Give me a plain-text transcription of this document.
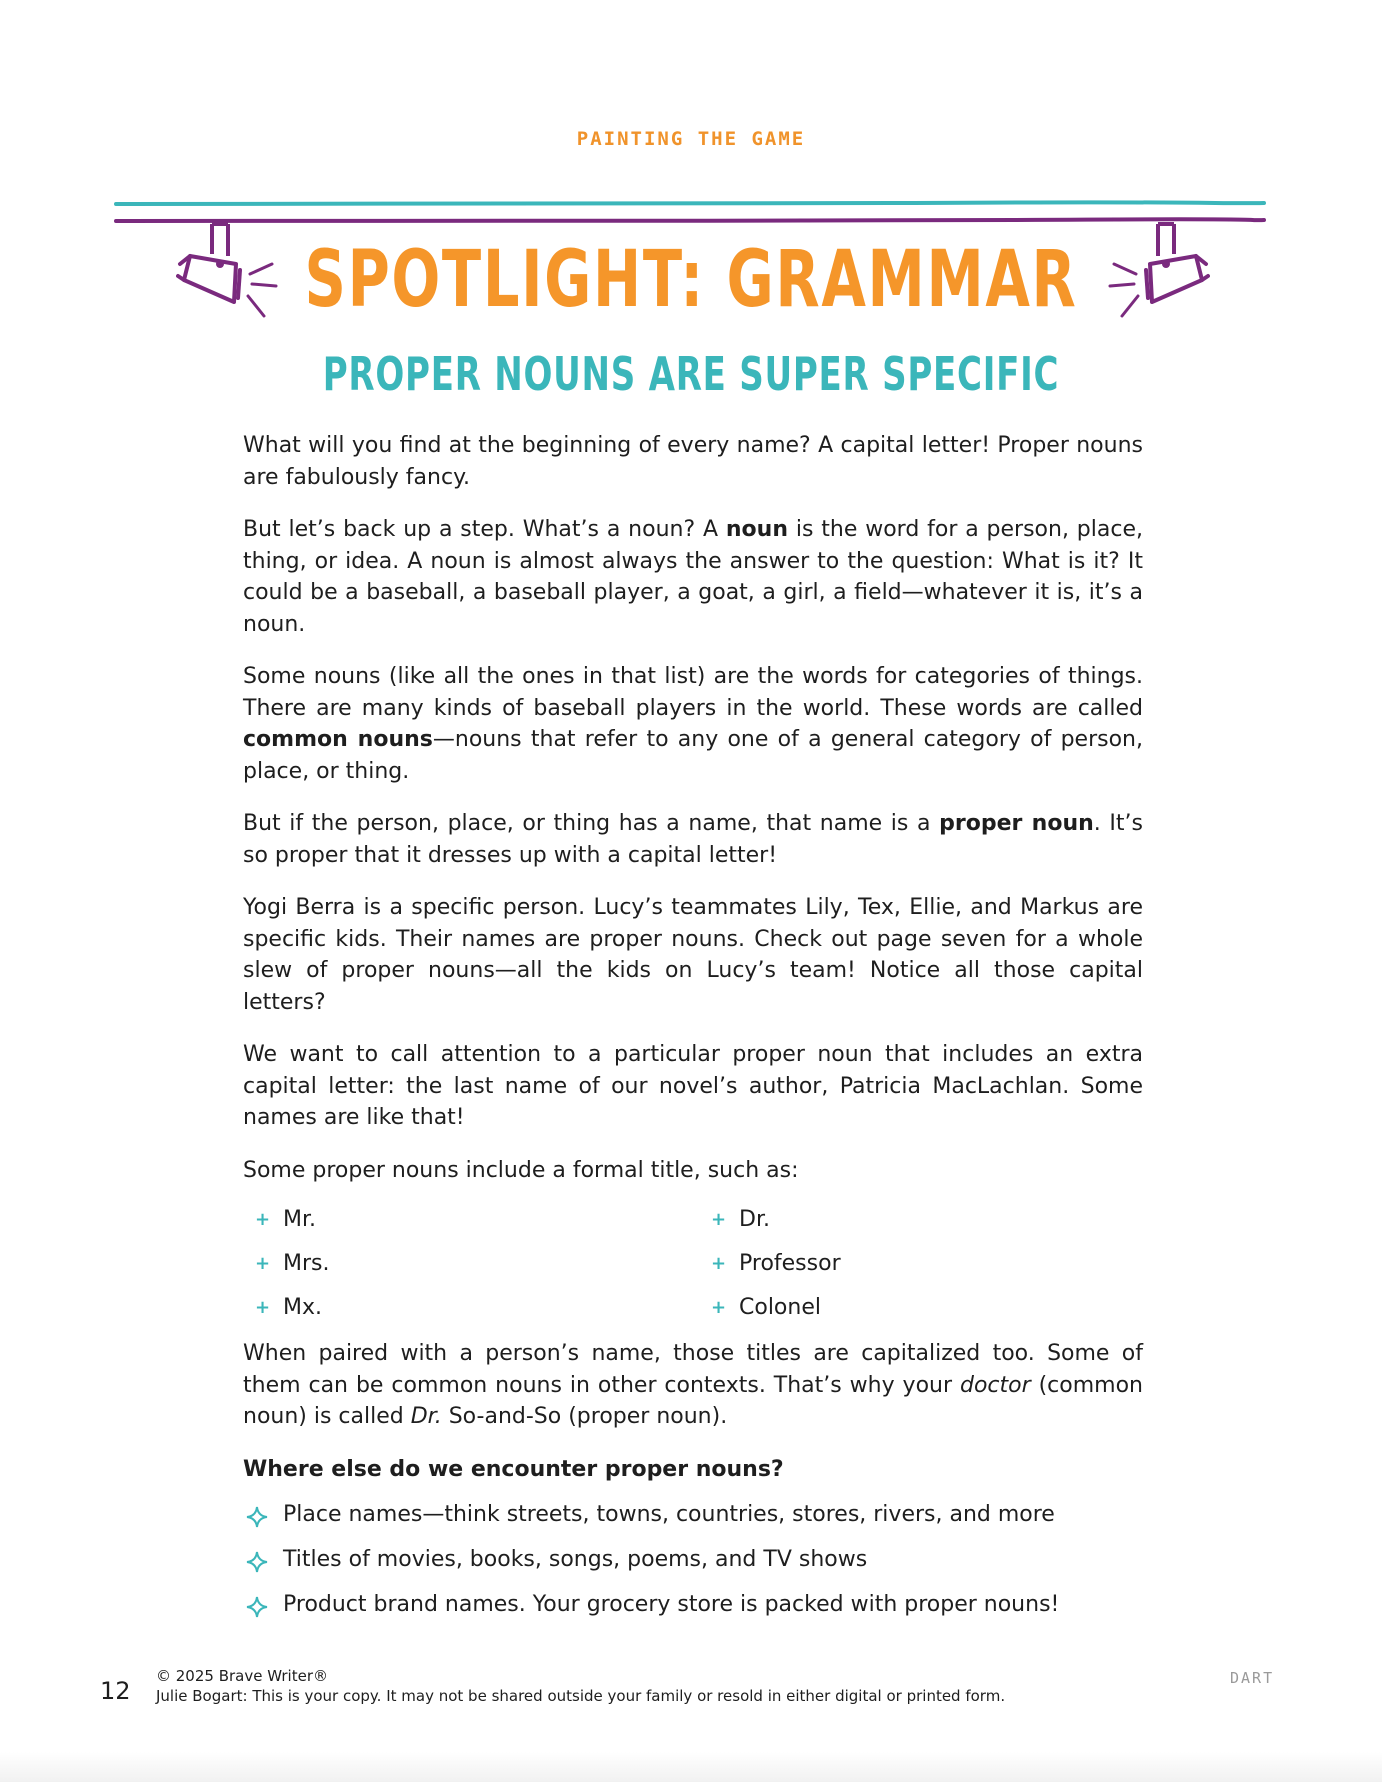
PAINTING THE GAME
SPOTLIGHT: GRAMMAR
PROPER NOUNS ARE SUPER SPECIFIC

What will you find at the beginning of every name? A capital letter! Proper nouns are fabulously fancy.

But let’s back up a step. What’s a noun? A noun is the word for a person, place, thing, or idea. A noun is almost always the answer to the question: What is it? It could be a baseball, a baseball player, a goat, a girl, a field—whatever it is, it’s a noun.

Some nouns (like all the ones in that list) are the words for categories of things. There are many kinds of baseball players in the world. These words are called common nouns—nouns that refer to any one of a general category of person, place, or thing.

But if the person, place, or thing has a name, that name is a proper noun. It’s so proper that it dresses up with a capital letter!

Yogi Berra is a specific person. Lucy’s teammates Lily, Tex, Ellie, and Markus are specific kids. Their names are proper nouns. Check out page seven for a whole slew of proper nouns—all the kids on Lucy’s team! Notice all those capital letters?

We want to call attention to a particular proper noun that includes an extra capital letter: the last name of our novel’s author, Patricia MacLachlan. Some names are like that!

Some proper nouns include a formal title, such as:

+ Mr.	+ Dr.
+ Mrs.	+ Professor
+ Mx.	+ Colonel

When paired with a person’s name, those titles are capitalized too. Some of them can be common nouns in other contexts. That’s why your doctor (common noun) is called Dr. So-and-So (proper noun).

Where else do we encounter proper nouns?
Place names—think streets, towns, countries, stores, rivers, and more
Titles of movies, books, songs, poems, and TV shows
Product brand names. Your grocery store is packed with proper nouns!
12
© 2025 Brave Writer®
Julie Bogart: This is your copy. It may not be shared outside your family or resold in either digital or printed form.
DART
